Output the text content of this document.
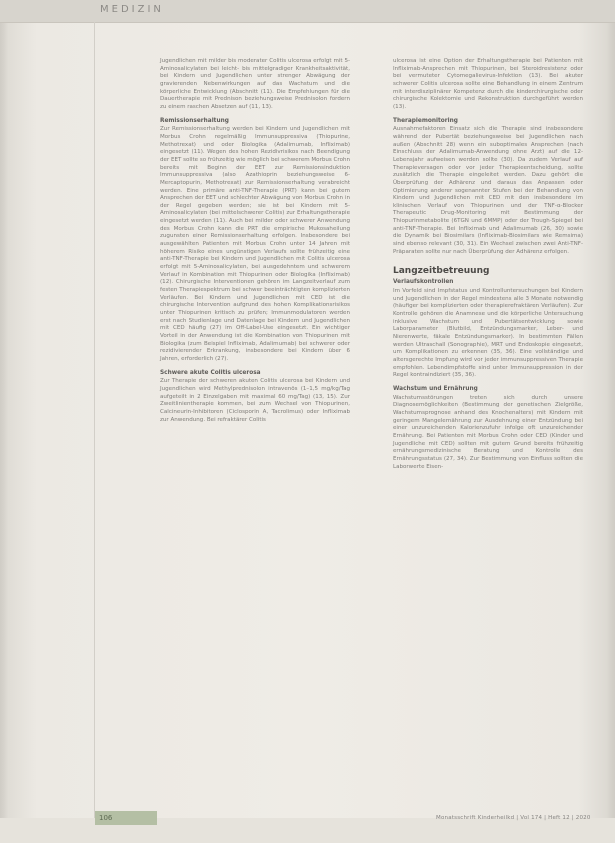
MEDIZIN

Jugendlichen mit milder bis moderater Colitis ulcerosa erfolgt mit 5-Aminosalicylaten bei leicht- bis mittelgradiger Krankheitsaktivität, bei Kindern und Jugendlichen unter strenger Abwägung der gravierenden Nebenwirkungen auf das Wachstum und die körperliche Entwicklung (Abschnitt (11). Die Empfehlungen für die Dauertherapie mit Prednison beziehungsweise Prednisolon fordern zu einem raschen Absetzen auf (11, 13).

Remissionserhaltung

Zur Remissionserhaltung werden bei Kindern und Jugendlichen mit Morbus Crohn regelmäßig Immunsuppressiva (Thiopurine, Methotrexat) und oder Biologika (Adalimumab, Infliximab) eingesetzt (11). Wegen des hohen Rezidivrisikos nach Beendigung der EET sollte so frühzeitig wie möglich bei schwerem Morbus Crohn bereits mit Beginn der EET zur Remissionsinduktion Immunsuppressiva (also Azathioprin beziehungsweise 6-Mercaptopurin, Methotrexat) zur Remissionserhaltung verabreicht werden. Eine primäre anti-TNF-Therapie (PRT) kann bei gutem Ansprechen der EET und schlechter Abwägung von Morbus Crohn in der Regel gegeben werden; sie ist bei Kindern mit 5-Aminosalicylaten (bei mittelschwerer Colitis) zur Erhaltungstherapie eingesetzt werden (11). Auch bei milder oder schwerer Anwendung des Morbus Crohn kann die PRT die empirische Mukosaheilung zugunsten einer Remissionserhaltung erfolgen. Insbesondere bei ausgewählten Patienten mit Morbus Crohn unter 14 Jahren mit höherem Risiko eines ungünstigen Verlaufs sollte frühzeitig eine anti-TNF-Therapie bei Kindern und Jugendlichen mit Colitis ulcerosa erfolgt mit 5-Aminosalicylaten, bei ausgedehntem und schwerem Verlauf in Kombination mit Thiopurinen oder Biologika (Infliximab) (12). Chirurgische Interventionen gehören im Langzeitverlauf zum festen Therapiespektrum bei schwer beeinträchtigten komplizierten Verläufen. Bei Kindern und Jugendlichen mit CED ist die chirurgische Intervention aufgrund des hohen Komplikationsrisikos unter Thiopurinen kritisch zu prüfen; Immunmodulatoren werden erst nach Studienlage und Datenlage bei Kindern und Jugendlichen mit CED häufig (27) im Off-Label-Use eingesetzt. Ein wichtiger Vorteil in der Anwendung ist die Kombination von Thiopurinen mit Biologika (zum Beispiel Infliximab, Adalimumab) bei schwerer oder rezidivierender Erkrankung, insbesondere bei Kindern über 6 Jahren, erforderlich (27).

Schwere akute Colitis ulcerosa

Zur Therapie der schweren akuten Colitis ulcerosa bei Kindern und Jugendlichen wird Methylprednisolon intravenös (1–1,5 mg/kg/Tag aufgeteilt in 2 Einzelgaben mit maximal 60 mg/Tag) (13, 15). Zur Zweitlinientherapie kommen, bei zum Wechsel von Thiopurinen, Calcineurin-Inhibitoren (Ciclosporin A, Tacrolimus) oder Infliximab zur Anwendung. Bei refraktärer Colitis

ulcerosa ist eine Option der Erhaltungstherapie bei Patienten mit Infliximab-Ansprechen mit Thiopurinen, bei Steroidresistenz oder bei vermuteter Cytomegalievirus-Infektion (13). Bei akuter schwerer Colitis ulcerosa sollte eine Behandlung in einem Zentrum mit interdisziplinärer Kompetenz durch die kinderchirurgische oder chirurgische Kolektomie und Rekonstruktion durchgeführt werden (13).

Therapiemonitoring

Ausnahmefaktoren Einsatz sich die Therapie sind insbesondere während der Pubertät beziehungsweise bei Jugendlichen nach außen (Abschnitt 28) wenn ein suboptimales Ansprechen (nach Einschluss der Adalimumab-Anwendung ohne Arzt) auf die 12-Lebensjahr aufweisen werden sollte (30). Da zudem Verlauf auf Therapieversagen oder vor jeder Therapieentscheidung, sollte zusätzlich die Therapie eingeleitet werden. Dazu gehört die Überprüfung der Adhärenz und daraus das Anpassen oder Optimierung anderer sogenannter Stufen bei der Behandlung von Kindern und Jugendlichen mit CED mit den insbesondere im klinischen Verlauf von Thiopurinen und der TNF-α-Blocker Therapeutic Drug-Monitoring mit Bestimmung der Thiopurinmetabolite (6TGN und 6MMP) oder der Trough-Spiegel bei anti-TNF-Therapie. Bei Infliximab und Adalimumab (26, 30) sowie die Dynamik bei Biosimilars (Infliximab-Biosimilars wie Remsima) sind ebenso relevant (30, 31). Ein Wechsel zwischen zwei Anti-TNF-Präparaten sollte nur nach Überprüfung der Adhärenz erfolgen.

Langzeitbetreuung
Verlaufskontrollen

Im Vorfeld sind Impfstatus und Kontrolluntersuchungen bei Kindern und Jugendlichen in der Regel mindestens alle 3 Monate notwendig (häufiger bei komplizierten oder therapierefraktären Verläufen). Zur Kontrolle gehören die Anamnese und die körperliche Untersuchung inklusive Wachstum und Pubertätsentwicklung sowie Laborparameter (Blutbild, Entzündungsmarker, Leber- und Nierenwerte, fäkale Entzündungsmarker). In bestimmten Fällen werden Ultraschall (Sonographie), MRT und Endoskopie eingesetzt, um Komplikationen zu erkennen (35, 36). Eine vollständige und altersgerechte Impfung wird vor jeder immunsuppressiven Therapie empfohlen. Lebendimpfstoffe sind unter Immunsuppression in der Regel kontraindiziert (35, 36).

Wachstum und Ernährung

Wachstumsstörungen treten sich durch unsere Diagnosemöglichkeiten (Bestimmung der genetischen Zielgröße, Wachstumsprognose anhand des Knochenalters) mit Kindern mit geringem Mangelernährung zur Ausdehnung einer Entzündung bei einer unzureichenden Kalorienzufuhr infolge oft unzureichender Ernährung. Bei Patienten mit Morbus Crohn oder CED (Kinder und Jugendliche mit CED) sollten mit gutem Grund bereits frühzeitig ernährungsmedizinische Beratung und Kontrolle des Ernährungsstatus (27, 34). Zur Bestimmung von Einfluss sollten die Laborwerte Eisen-

106	Monatsschrift Kinderheilkd | Vol 174 | Heft 12 | 2020
